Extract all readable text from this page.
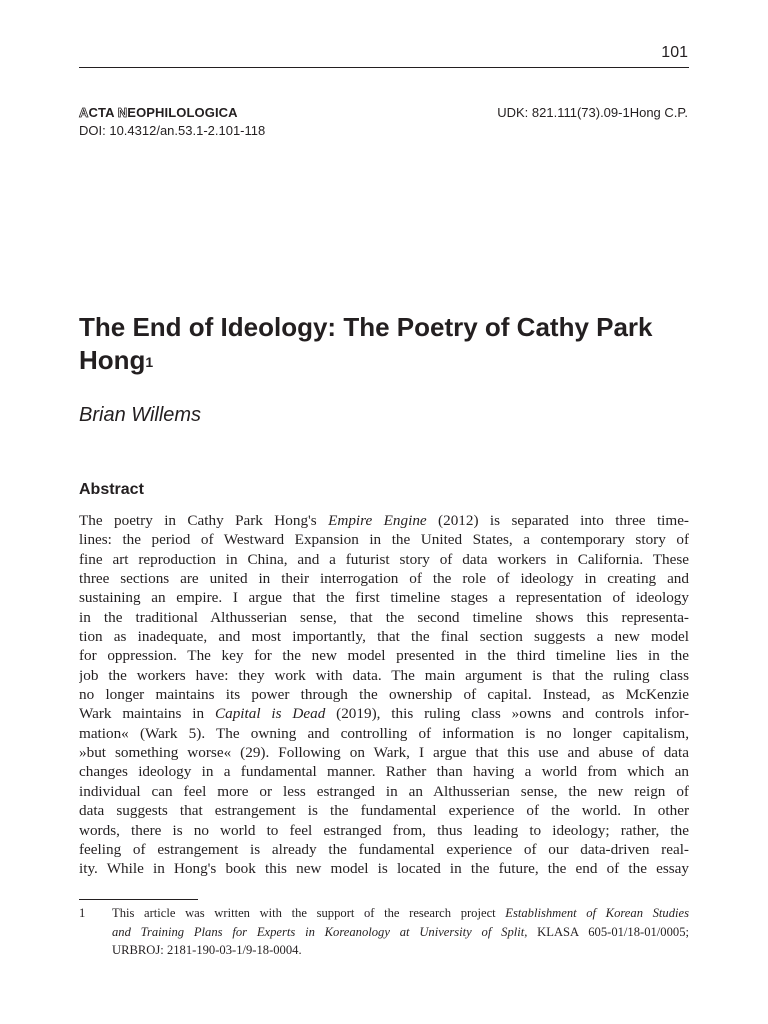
101
ACTA NEOPHILOLOGICA
DOI: 10.4312/an.53.1-2.101-118
UDK: 821.111(73).09-1Hong C.P.
The End of Ideology: The Poetry of Cathy Park Hong$^1$
Brian Willems
Abstract
The poetry in Cathy Park Hong's Empire Engine (2012) is separated into three time-
lines: the period of Westward Expansion in the United States, a contemporary story of
fine art reproduction in China, and a futurist story of data workers in California. These
three sections are united in their interrogation of the role of ideology in creating and
sustaining an empire. I argue that the first timeline stages a representation of ideology
in the traditional Althusserian sense, that the second timeline shows this representa-
tion as inadequate, and most importantly, that the final section suggests a new model
for oppression. The key for the new model presented in the third timeline lies in the
job the workers have: they work with data. The main argument is that the ruling class
no longer maintains its power through the ownership of capital. Instead, as McKenzie
Wark maintains in Capital is Dead (2019), this ruling class »owns and controls infor-
mation« (Wark 5). The owning and controlling of information is no longer capitalism,
»but something worse« (29). Following on Wark, I argue that this use and abuse of data
changes ideology in a fundamental manner. Rather than having a world from which an
individual can feel more or less estranged in an Althusserian sense, the new reign of
data suggests that estrangement is the fundamental experience of the world. In other
words, there is no world to feel estranged from, thus leading to ideology; rather, the
feeling of estrangement is already the fundamental experience of our data-driven real-
ity. While in Hong's book this new model is located in the future, the end of the essay
1 This article was written with the support of the research project Establishment of Korean Studies
and Training Plans for Experts in Koreanology at University of Split, KLASA 605-01/18-01/0005;
URBROJ: 2181-190-03-1/9-18-0004.
